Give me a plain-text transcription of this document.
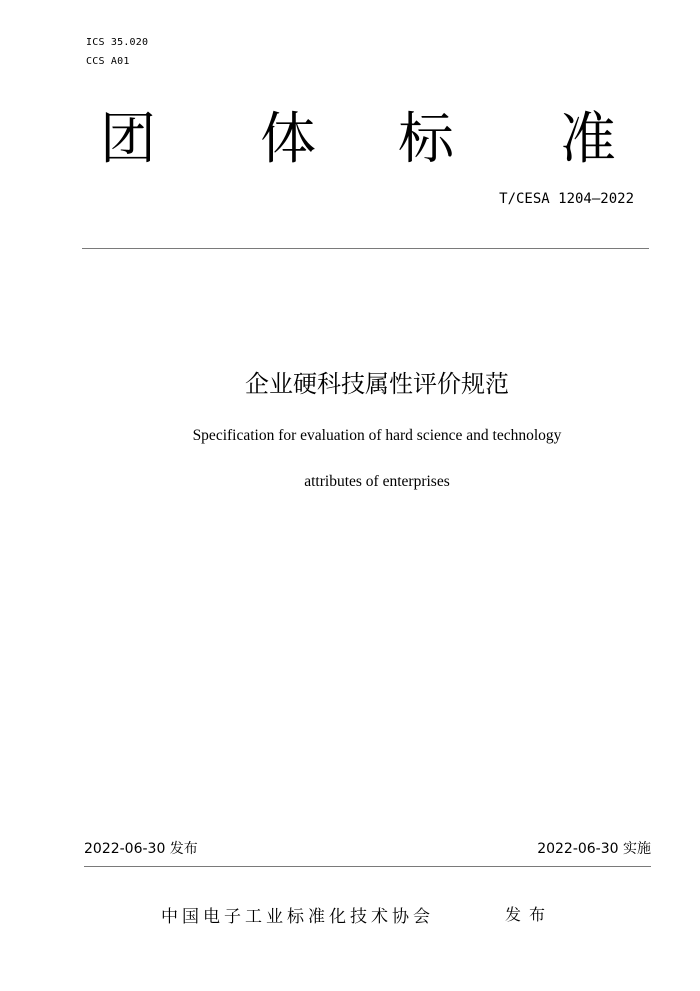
ICS 35.020
CCS A01
团 体 标 准
T/CESA 1204—2022
企业硬科技属性评价规范
Specification for evaluation of hard science and technology
attributes of enterprises
2022-06-30 发布	2022-06-30 实施
中国电子工业标准化技术协会	发布
